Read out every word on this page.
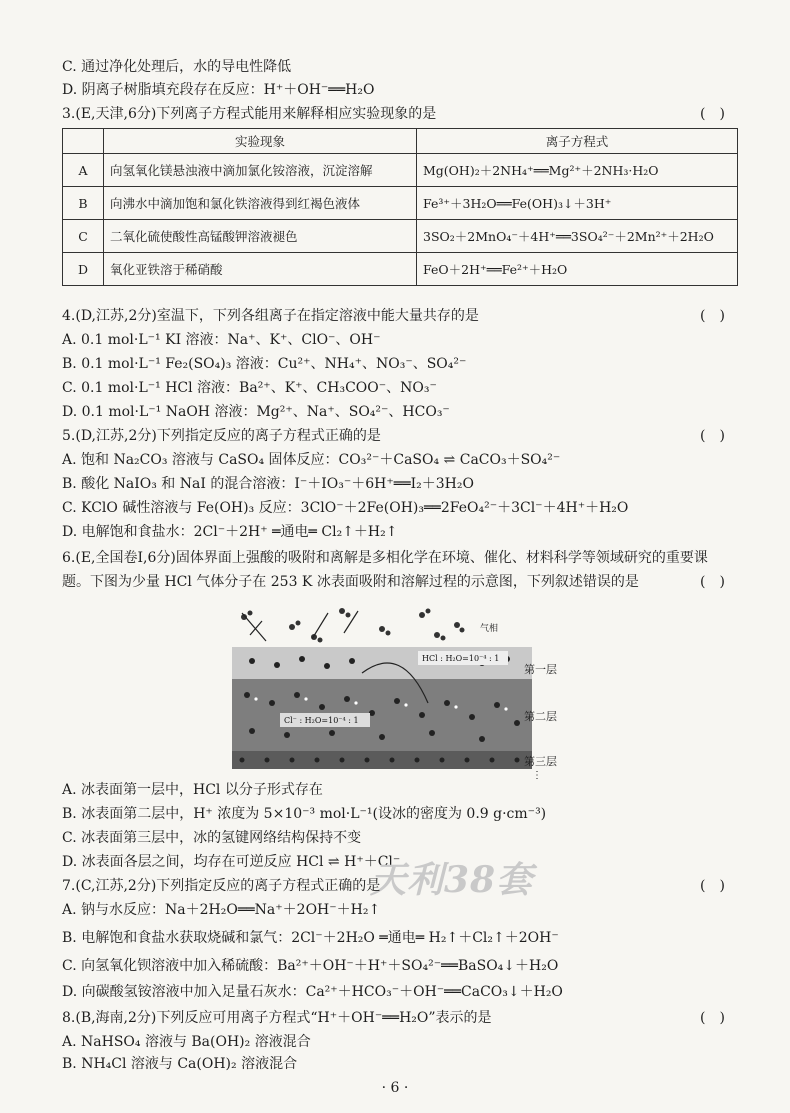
C. 通过净化处理后，水的导电性降低
D. 阴离子树脂填充段存在反应：H⁺＋OH⁻══H₂O
3.(E,天津,6分)下列离子方程式能用来解释相应实验现象的是	(　)
	实验现象	离子方程式
A	向氢氧化镁悬浊液中滴加氯化铵溶液，沉淀溶解	Mg(OH)₂＋2NH₄⁺══Mg²⁺＋2NH₃·H₂O
B	向沸水中滴加饱和氯化铁溶液得到红褐色液体	Fe³⁺＋3H₂O══Fe(OH)₃↓＋3H⁺
C	二氧化硫使酸性高锰酸钾溶液褪色	3SO₂＋2MnO₄⁻＋4H⁺══3SO₄²⁻＋2Mn²⁺＋2H₂O
D	氧化亚铁溶于稀硝酸	FeO＋2H⁺══Fe²⁺＋H₂O
4.(D,江苏,2分)室温下，下列各组离子在指定溶液中能大量共存的是	(　)
A. 0.1 mol·L⁻¹ KI 溶液：Na⁺、K⁺、ClO⁻、OH⁻
B. 0.1 mol·L⁻¹ Fe₂(SO₄)₃ 溶液：Cu²⁺、NH₄⁺、NO₃⁻、SO₄²⁻
C. 0.1 mol·L⁻¹ HCl 溶液：Ba²⁺、K⁺、CH₃COO⁻、NO₃⁻
D. 0.1 mol·L⁻¹ NaOH 溶液：Mg²⁺、Na⁺、SO₄²⁻、HCO₃⁻
5.(D,江苏,2分)下列指定反应的离子方程式正确的是	(　)
A. 饱和 Na₂CO₃ 溶液与 CaSO₄ 固体反应：CO₃²⁻＋CaSO₄ ⇌ CaCO₃＋SO₄²⁻
B. 酸化 NaIO₃ 和 NaI 的混合溶液：I⁻＋IO₃⁻＋6H⁺══I₂＋3H₂O
C. KClO 碱性溶液与 Fe(OH)₃ 反应：3ClO⁻＋2Fe(OH)₃══2FeO₄²⁻＋3Cl⁻＋4H⁺＋H₂O
D. 电解饱和食盐水：2Cl⁻＋2H⁺ ═通电═ Cl₂↑＋H₂↑
6.(E,全国卷Ⅰ,6分)固体界面上强酸的吸附和离解是多相化学在环境、催化、材料科学等领域研究的重要课
题。下图为少量 HCl 气体分子在 253 K 冰表面吸附和溶解过程的示意图，下列叙述错误的是	(　)
气相
HCl : H₂O=10⁻⁴ : 1
Cl⁻ : H₂O=10⁻⁴ : 1
第一层
第二层
第三层
⋮
A. 冰表面第一层中，HCl 以分子形式存在
B. 冰表面第二层中，H⁺ 浓度为 5×10⁻³ mol·L⁻¹(设冰的密度为 0.9 g·cm⁻³)
C. 冰表面第三层中，冰的氢键网络结构保持不变
D. 冰表面各层之间，均存在可逆反应 HCl ⇌ H⁺＋Cl⁻
天利38套
7.(C,江苏,2分)下列指定反应的离子方程式正确的是	(　)
A. 钠与水反应：Na＋2H₂O══Na⁺＋2OH⁻＋H₂↑
B. 电解饱和食盐水获取烧碱和氯气：2Cl⁻＋2H₂O ═通电═ H₂↑＋Cl₂↑＋2OH⁻
C. 向氢氧化钡溶液中加入稀硫酸：Ba²⁺＋OH⁻＋H⁺＋SO₄²⁻══BaSO₄↓＋H₂O
D. 向碳酸氢铵溶液中加入足量石灰水：Ca²⁺＋HCO₃⁻＋OH⁻══CaCO₃↓＋H₂O
8.(B,海南,2分)下列反应可用离子方程式“H⁺＋OH⁻══H₂O”表示的是	(　)
A. NaHSO₄ 溶液与 Ba(OH)₂ 溶液混合
B. NH₄Cl 溶液与 Ca(OH)₂ 溶液混合
· 6 ·
